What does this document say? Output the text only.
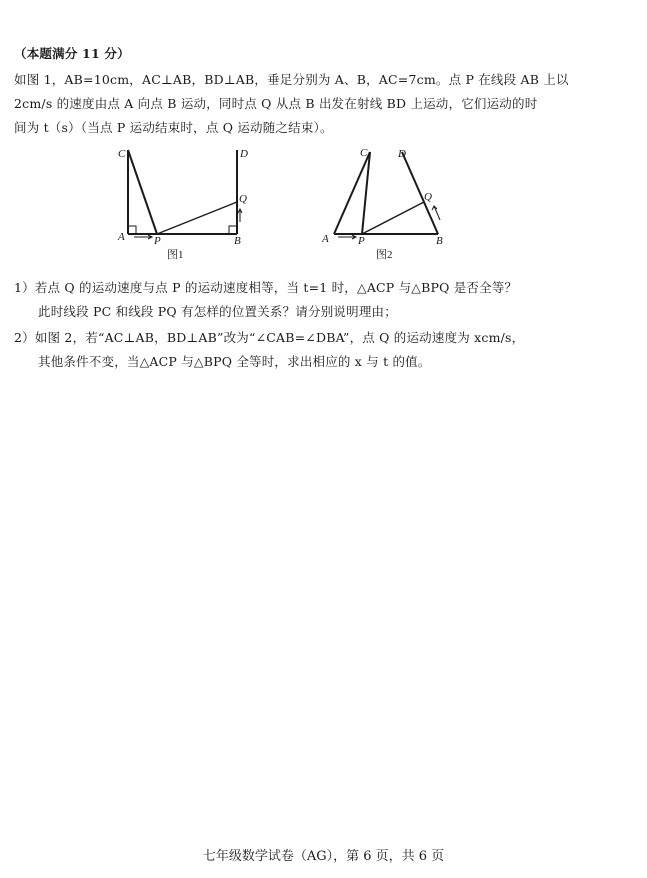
（本题满分 11 分）
如图 1，AB=10cm，AC⊥AB，BD⊥AB，垂足分别为 A、B，AC=7cm。点 P 在线段 AB 上以
2cm/s 的速度由点 A 向点 B 运动，同时点 Q 从点 B 出发在射线 BD 上运动，它们运动的时
间为 t（s）（当点 P 运动结束时，点 Q 运动随之结束）。
C	D
Q
A	P	B
图1
C	D
Q
A	P	B
图2
1）若点 Q 的运动速度与点 P 的运动速度相等，当 t=1 时，△ACP 与△BPQ 是否全等？
此时线段 PC 和线段 PQ 有怎样的位置关系？请分别说明理由；
2）如图 2，若“AC⊥AB，BD⊥AB”改为“∠CAB=∠DBA”，点 Q 的运动速度为 xcm/s，
其他条件不变，当△ACP 与△BPQ 全等时，求出相应的 x 与 t 的值。
七年级数学试卷（AG），第 6 页，共 6 页
